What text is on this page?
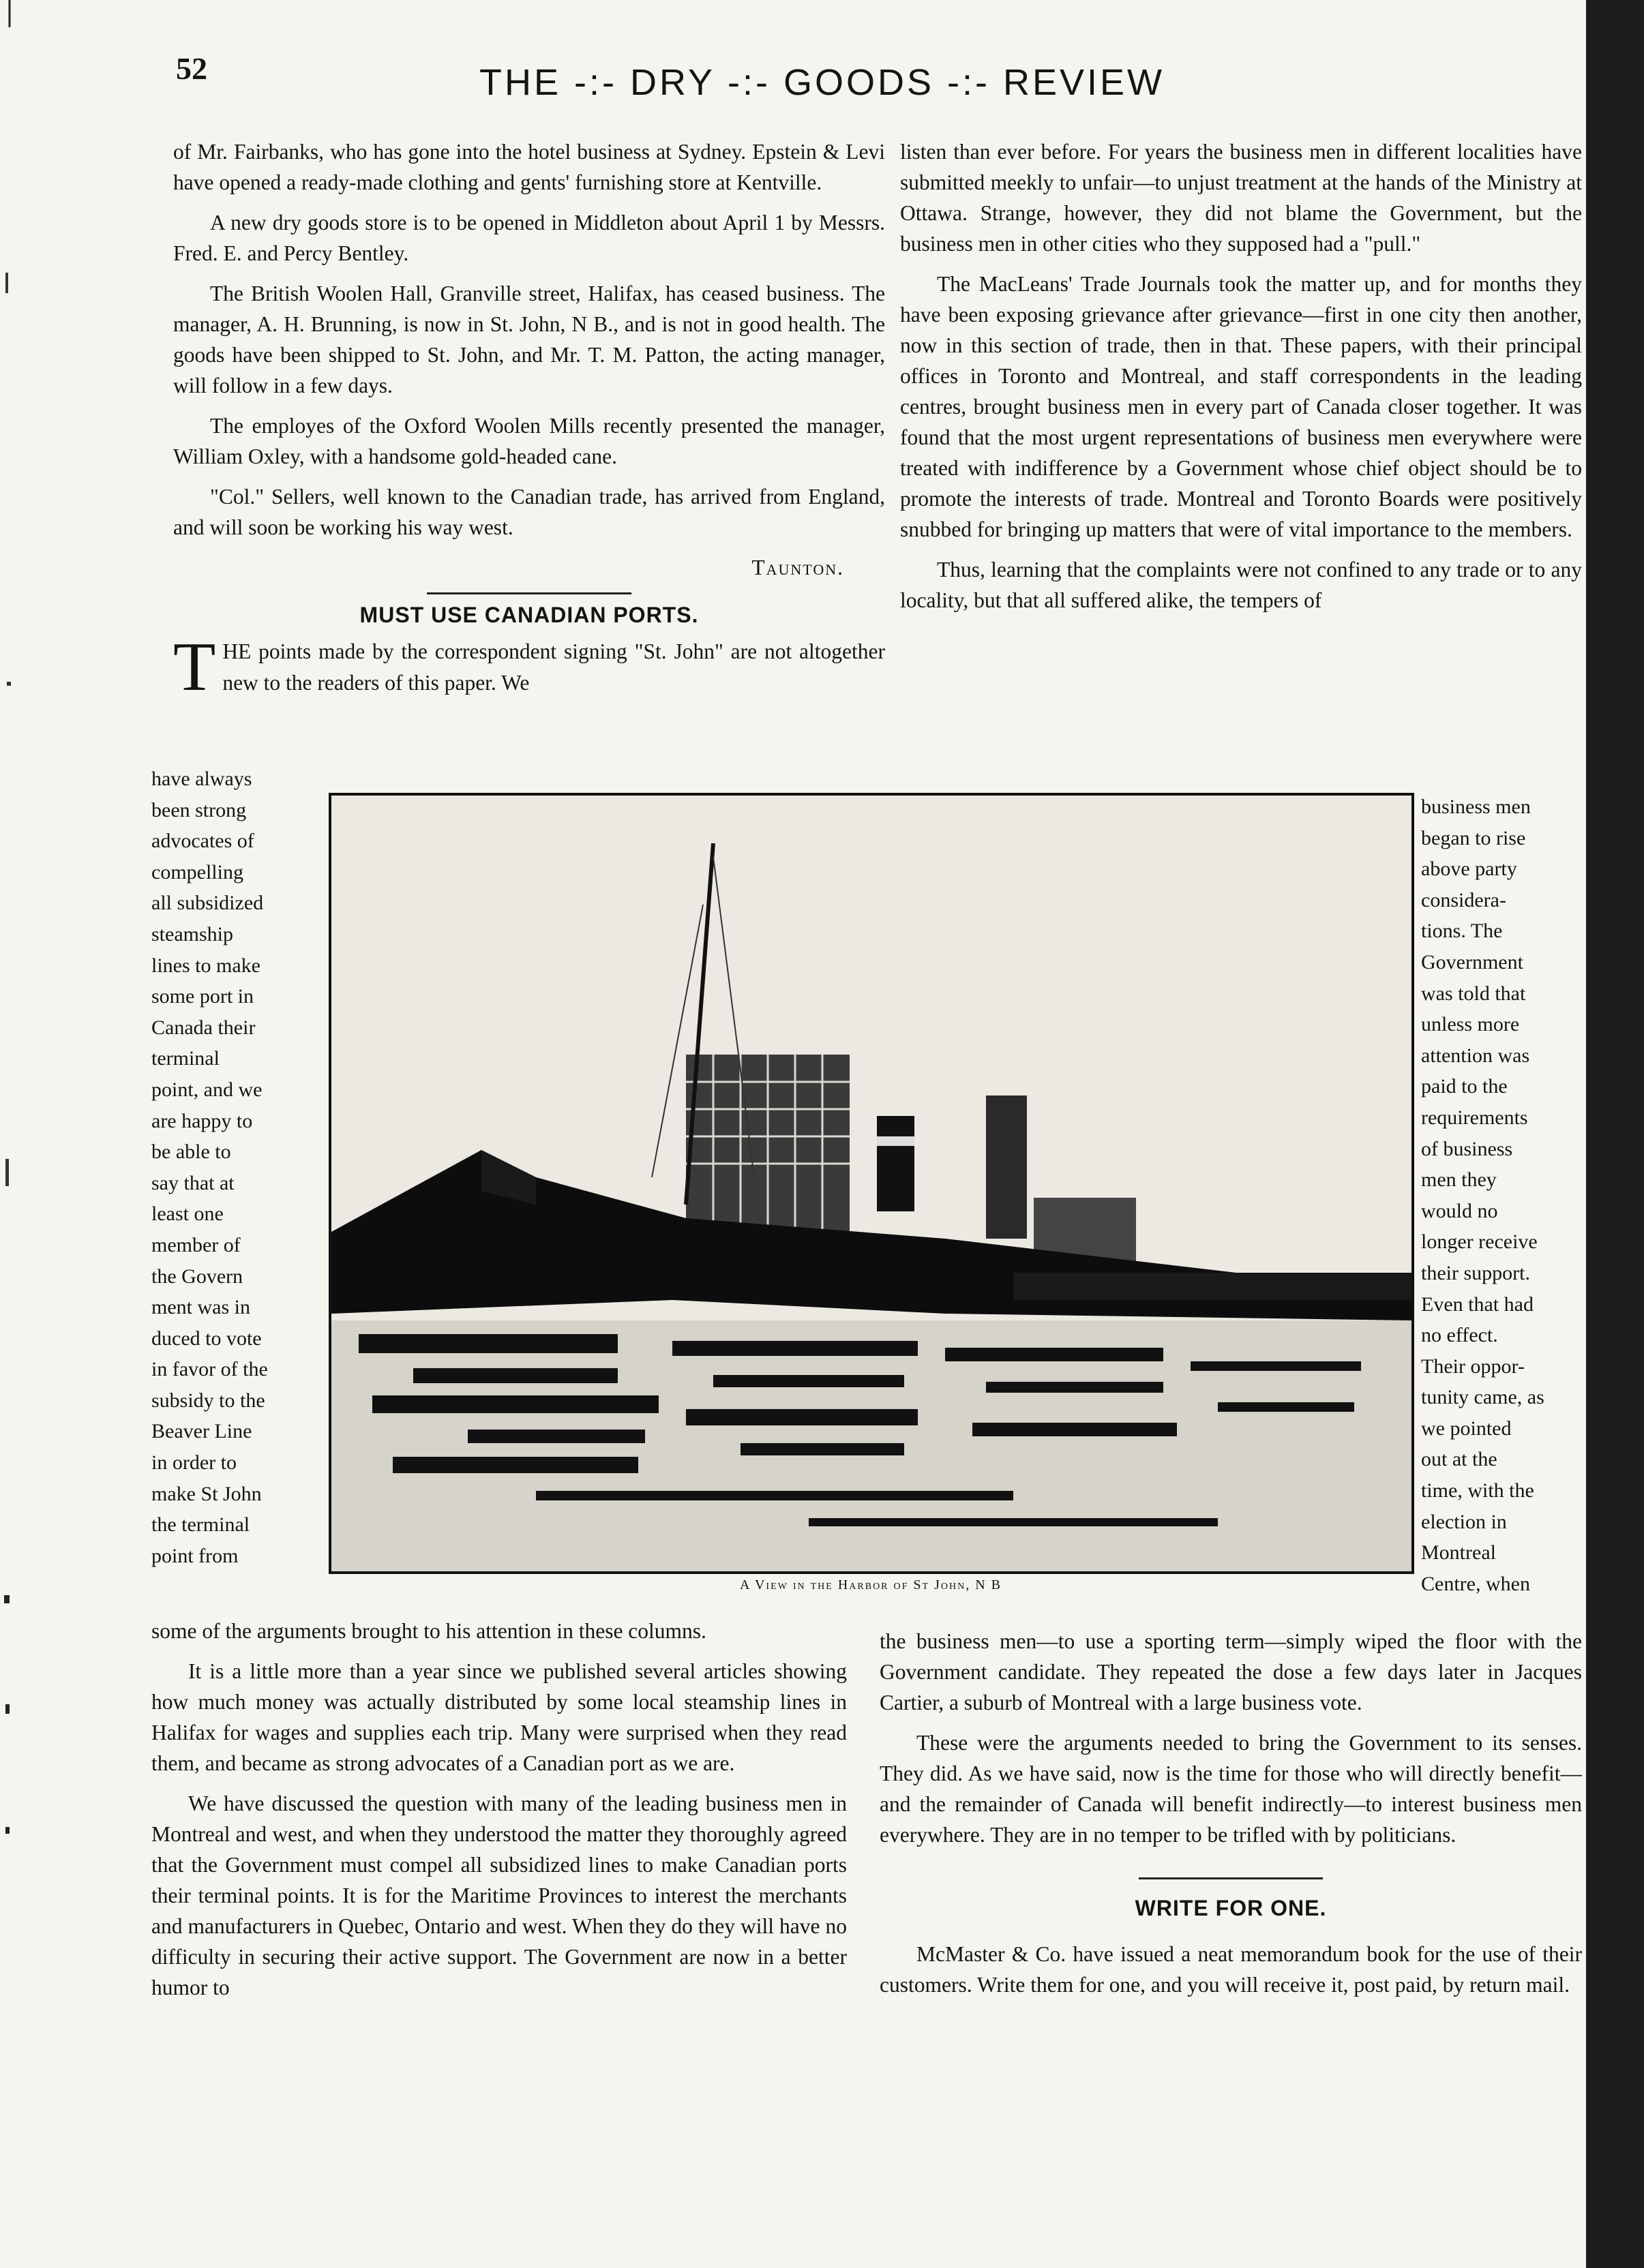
52	THE -:- DRY -:- GOODS -:- REVIEW

of Mr. Fairbanks, who has gone into the hotel business at Sydney. Epstein & Levi have opened a ready-made clothing and gents' furnishing store at Kentville.

A new dry goods store is to be opened in Middleton about April 1 by Messrs. Fred. E. and Percy Bentley.

The British Woolen Hall, Granville street, Halifax, has ceased business. The manager, A. H. Brunning, is now in St. John, N B., and is not in good health. The goods have been shipped to St. John, and Mr. T. M. Patton, the acting manager, will follow in a few days.

The employes of the Oxford Woolen Mills recently presented the manager, William Oxley, with a handsome gold-headed cane.

"Col." Sellers, well known to the Canadian trade, has arrived from England, and will soon be working his way west.

Taunton.

MUST USE CANADIAN PORTS.
T HE points made by the correspondent signing "St. John" are not altogether new to the readers of this paper. We
have always
been strong
advocates of
compelling
all subsidized
steamship
lines to make
some port in
Canada their
terminal
point, and we
are happy to
be able to
say that at
least one
member of
the Govern
ment was in
duced to vote
in favor of the
subsidy to the
Beaver Line
in order to
make St John
the terminal
point from
A View in the Harbor of St John, N B

some of the arguments brought to his attention in these columns.

It is a little more than a year since we published several articles showing how much money was actually distributed by some local steamship lines in Halifax for wages and supplies each trip. Many were surprised when they read them, and became as strong advocates of a Canadian port as we are.

We have discussed the question with many of the leading business men in Montreal and west, and when they understood the matter they thoroughly agreed that the Government must compel all subsidized lines to make Canadian ports their terminal points. It is for the Maritime Provinces to interest the merchants and manufacturers in Quebec, Ontario and west. When they do they will have no difficulty in securing their active support. The Government are now in a better humor to

listen than ever before. For years the business men in different localities have submitted meekly to unfair—to unjust treatment at the hands of the Ministry at Ottawa. Strange, however, they did not blame the Government, but the business men in other cities who they supposed had a "pull."

The MacLeans' Trade Journals took the matter up, and for months they have been exposing grievance after grievance—first in one city then another, now in this section of trade, then in that. These papers, with their principal offices in Toronto and Montreal, and staff correspondents in the leading centres, brought business men in every part of Canada closer together. It was found that the most urgent representations of business men everywhere were treated with indifference by a Government whose chief object should be to promote the interests of trade. Montreal and Toronto Boards were positively snubbed for bringing up matters that were of vital importance to the members.

Thus, learning that the complaints were not confined to any trade or to any locality, but that all suffered alike, the tempers of

business men
began to rise
above party
considera-
tions. The
Government
was told that
unless more
attention was
paid to the
requirements
of business
men they
would no
longer receive
their support.
Even that had
no effect.
Their oppor-
tunity came, as
we pointed
out at the
time, with the
election in
Montreal
Centre, when

the business men—to use a sporting term—simply wiped the floor with the Government candidate. They repeated the dose a few days later in Jacques Cartier, a suburb of Montreal with a large business vote.

These were the arguments needed to bring the Government to its senses. They did. As we have said, now is the time for those who will directly benefit—and the remainder of Canada will benefit indirectly—to interest business men everywhere. They are in no temper to be trifled with by politicians.

WRITE FOR ONE.

McMaster & Co. have issued a neat memorandum book for the use of their customers. Write them for one, and you will receive it, post paid, by return mail.
